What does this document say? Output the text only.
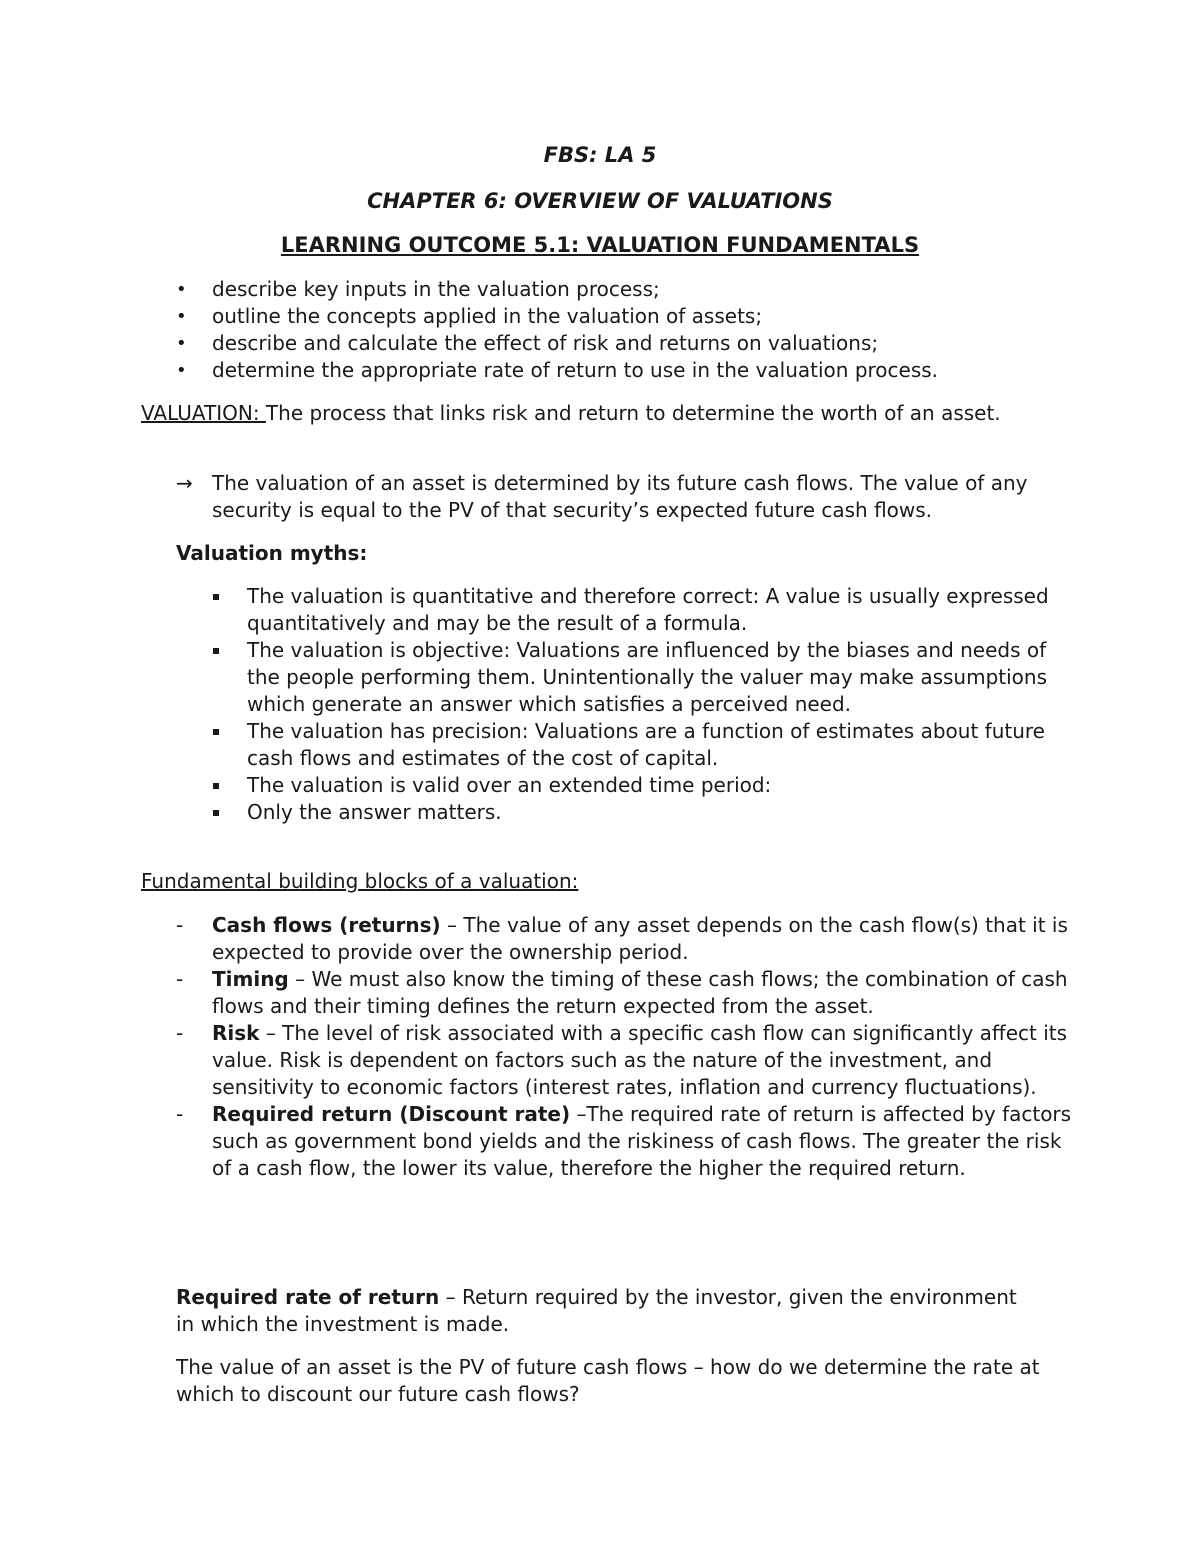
FBS: LA 5
CHAPTER 6: OVERVIEW OF VALUATIONS
LEARNING OUTCOME 5.1: VALUATION FUNDAMENTALS
• describe key inputs in the valuation process;
• outline the concepts applied in the valuation of assets;
• describe and calculate the effect of risk and returns on valuations;
• determine the appropriate rate of return to use in the valuation process.

VALUATION: The process that links risk and return to determine the worth of an asset.

→ The valuation of an asset is determined by its future cash flows. The value of any security is equal to the PV of that security’s expected future cash flows.

Valuation myths:

The valuation is quantitative and therefore correct: A value is usually expressed quantitatively and may be the result of a formula.
The valuation is objective: Valuations are influenced by the biases and needs of the people performing them. Unintentionally the valuer may make assumptions which generate an answer which satisfies a perceived need.
The valuation has precision: Valuations are a function of estimates about future cash flows and estimates of the cost of capital.
The valuation is valid over an extended time period:
Only the answer matters.

Fundamental building blocks of a valuation:

- Cash flows (returns) – The value of any asset depends on the cash flow(s) that it is expected to provide over the ownership period.
- Timing – We must also know the timing of these cash flows; the combination of cash flows and their timing defines the return expected from the asset.
- Risk – The level of risk associated with a specific cash flow can significantly affect its value. Risk is dependent on factors such as the nature of the investment, and sensitivity to economic factors (interest rates, inflation and currency fluctuations).
- Required return (Discount rate) –The required rate of return is affected by factors such as government bond yields and the riskiness of cash flows. The greater the risk of a cash flow, the lower its value, therefore the higher the required return.

Required rate of return – Return required by the investor, given the environment in which the investment is made.

The value of an asset is the PV of future cash flows – how do we determine the rate at which to discount our future cash flows?
